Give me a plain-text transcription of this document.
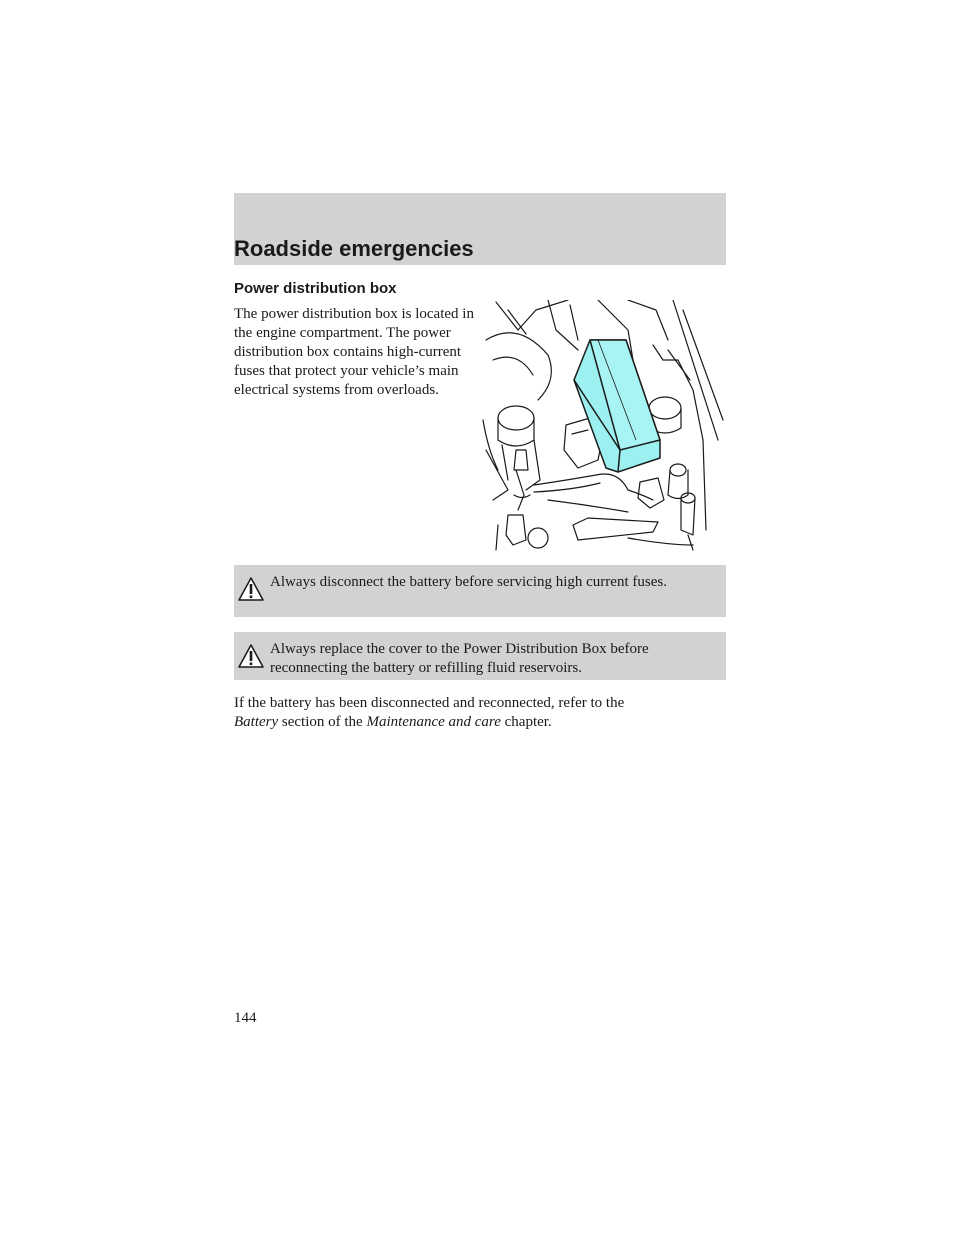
Roadside emergencies
Power distribution box
The power distribution box is located in the engine compartment. The power distribution box contains high-current fuses that protect your vehicle’s main electrical systems from overloads.
Always disconnect the battery before servicing high current fuses.
Always replace the cover to the Power Distribution Box before reconnecting the battery or refilling fluid reservoirs.
If the battery has been disconnected and reconnected, refer to the
Battery section of the Maintenance and care chapter.
144
